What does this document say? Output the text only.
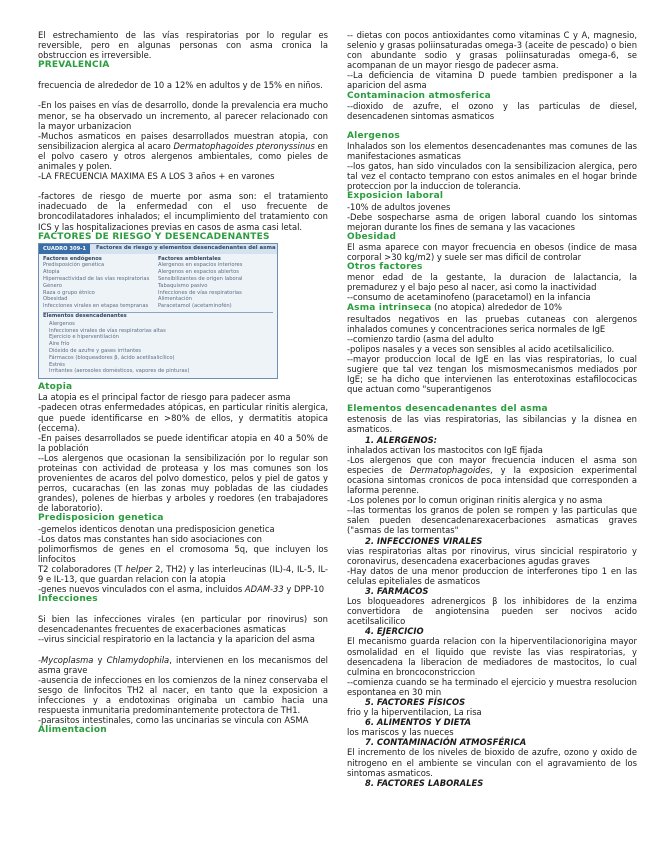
El estrechamiento de las vías respiratorias por lo regular es reversible, pero en algunas personas con asma cronica la obstruccion es irreversible.

PREVALENCIA

frecuencia de alrededor de 10 a 12% en adultos y de 15% en niños.

-En los paises en vías de desarrollo, donde la prevalencia era mucho menor, se ha observado un incremento, al parecer relacionado con la mayor urbanizacion

-Muchos asmaticos en paises desarrollados muestran atopia, con sensibilizacion alergica al acaro Dermatophagoides pteronyssinus en el polvo casero y otros alergenos ambientales, como pieles de animales y polen.

-LA FRECUENCIA MAXIMA ES A LOS 3 años + en varones

-factores de riesgo de muerte por asma son: el tratamiento inadecuado de la enfermedad con el uso frecuente de broncodilatadores inhalados; el incumplimiento del tratamiento con ICS y las hospitalizaciones previas en casos de asma casi letal.

FACTORES DE RIESGO Y DESENCADENANTES
CUADRO 309-1	Factores de riesgo y elementos desencadenantes del asma
Factores endógenos
Predisposición genética
Atopia
Hiperreactividad de las vías respiratorias
Género
Raza o grupo étnico
Obesidad
Infecciones virales en etapas tempranas
Factores ambientales
Alergenos en espacios interiores
Alergenos en espacios abiertos
Sensibilizantes de origen laboral
Tabaquismo pasivo
Infecciones de vías respiratorias
Alimentación
Paracetamol (acetaminofén)
Elementos desencadenantes
Alergenos
Infecciones virales de vías respiratorias altas
Ejercicio e hiperventilación
Aire frío
Dióxido de azufre y gases irritantes
Fármacos (bloqueadores β, ácido acetilsalicílico)
Estrés
Irritantes (aerosoles domésticos, vapores de pinturas)
Atopia

La atopia es el principal factor de riesgo para padecer asma

-padecen otras enfermedades atópicas, en particular rinitis alergica, que puede identificarse en >80% de ellos, y dermatitis atopica (eccema).

-En paises desarrollados se puede identificar atopia en 40 a 50% de la población

--Los alergenos que ocasionan la sensibilización por lo regular son proteinas con actividad de proteasa y los mas comunes son los provenientes de acaros del polvo domestico, pelos y piel de gatos y perros, cucarachas (en las zonas muy pobladas de las ciudades grandes), polenes de hierbas y arboles y roedores (en trabajadores de laboratorio).

Predisposicion genetica

-gemelos identicos denotan una predisposicion genetica

-Los datos mas constantes han sido asociaciones con

polimorfismos de genes en el cromosoma 5q, que incluyen los linfocitos

T2 colaboradores (T helper 2, TH2) y las interleucinas (IL)-4, IL-5, IL-9 e IL-13, que guardan relacion con la atopia

-genes nuevos vinculados con el asma, incluidos ADAM-33 y DPP-10

Infecciones

Si bien las infecciones virales (en particular por rinovirus) son desencadenantes frecuentes de exacerbaciones asmaticas

--virus sincicial respiratorio en la lactancia y la aparicion del asma

-Mycoplasma y Chlamydophila, intervienen en los mecanismos del asma grave

-ausencia de infecciones en los comienzos de la ninez conservaba el sesgo de linfocitos TH2 al nacer, en tanto que la exposicion a infecciones y a endotoxinas originaba un cambio hacia una respuesta inmunitaria predominantemente protectora de TH1.

-parasitos intestinales, como las uncinarias se vincula con ASMA

Alimentacion

-- dietas con pocos antioxidantes como vitaminas C y A, magnesio, selenio y grasas poliinsaturadas omega-3 (aceite de pescado) o bien con abundante sodio y grasas poliinsaturadas omega-6, se acompanan de un mayor riesgo de padecer asma.

--La deficiencia de vitamina D puede tambien predisponer a la aparicion del asma

Contaminacion atmosferica

--dioxido de azufre, el ozono y las particulas de diesel, desencadenen sintomas asmaticos

Alergenos

Inhalados son los elementos desencadenantes mas comunes de las manifestaciones asmaticas

--los gatos, han sido vinculados con la sensibilizacion alergica, pero tal vez el contacto temprano con estos animales en el hogar brinde proteccion por la induccion de tolerancia.

Exposicion laboral

-10% de adultos jovenes

-Debe sospecharse asma de origen laboral cuando los sintomas mejoran durante los fines de semana y las vacaciones

Obesidad

El asma aparece con mayor frecuencia en obesos (indice de masa corporal >30 kg/m2) y suele ser mas dificil de controlar

Otros factores

menor edad de la gestante, la duracion de lalactancia, la premadurez y el bajo peso al nacer, asi como la inactividad

--consumo de acetaminofeno (paracetamol) en la infancia

Asma intrinseca (no atopica) alrededor de 10%

resultados negativos en las pruebas cutaneas con alergenos inhalados comunes y concentraciones serica normales de IgE

--comienzo tardio (asma del adulto

-polipos nasales y a veces son sensibles al acido acetilsalicilico.

--mayor produccion local de IgE en las vias respiratorias, lo cual sugiere que tal vez tengan los mismosmecanismos mediados por IgE; se ha dicho que intervienen las enterotoxinas estafilococicas que actuan como "superantigenos

Elementos desencadenantes del asma

estenosis de las vias respiratorias, las sibilancias y la disnea en asmaticos.

1. ALERGENOS:

inhalados activan los mastocitos con IgE fijada

-Los alergenos que con mayor frecuencia inducen el asma son especies de Dermatophagoides, y la exposicion experimental ocasiona sintomas cronicos de poca intensidad que corresponden a laforma perenne.

-Los polenes por lo comun originan rinitis alergica y no asma

--las tormentas los granos de polen se rompen y las particulas que salen pueden desencadenarexacerbaciones asmaticas graves ("asmas de las tormentas"

2. INFECCIONES VIRALES

vias respiratorias altas por rinovirus, virus sincicial respiratorio y coronavirus, desencadena exacerbaciones agudas graves

-Hay datos de una menor produccion de interferones tipo 1 en las celulas epiteliales de asmaticos

3. FARMACOS

Los bloqueadores adrenergicos β los inhibidores de la enzima convertidora de angiotensina pueden ser nocivos acido acetilsalicilico

4. EJERCICIO

El mecanismo guarda relacion con la hiperventilacionorigina mayor osmolalidad en el liquido que reviste las vias respiratorias, y desencadena la liberacion de mediadores de mastocitos, lo cual culmina en broncoconstriccion

--comienza cuando se ha terminado el ejercicio y muestra resolucion espontanea en 30 min

5. FACTORES FÍSICOS

frio y la hiperventilacion, La risa

6. ALIMENTOS Y DIETA

los mariscos y las nueces

7. CONTAMINACIÓN ATMOSFÉRICA

El incremento de los niveles de bioxido de azufre, ozono y oxido de nitrogeno en el ambiente se vinculan con el agravamiento de los sintomas asmaticos.

8. FACTORES LABORALES
